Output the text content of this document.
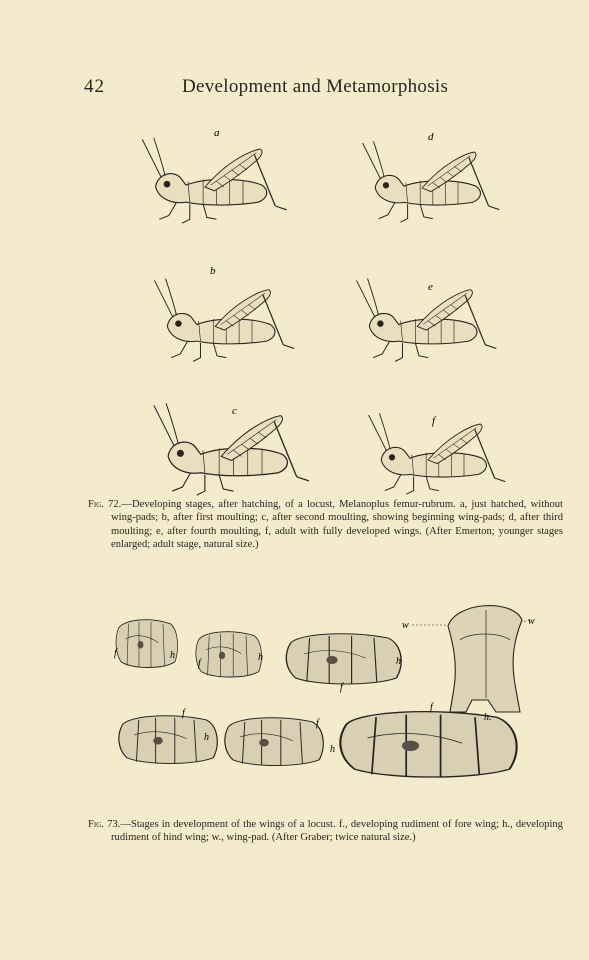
42	Development and Metamorphosis
a	d
b
e
c
f
f	h
f
h	h
f
f
h
f
h
f
h.
w	w
Fig. 72.—Developing stages, after hatching, of a locust, Melanoplus femur-rubrum. a, just hatched, without wing-pads; b, after first moulting; c, after second moulting, showing beginning wing-pads; d, after third moulting; e, after fourth moulting, f, adult with fully developed wings. (After Emerton; younger stages enlarged; adult stage, natural size.)
Fig. 73.—Stages in development of the wings of a locust. f., developing rudiment of fore wing; h., developing rudiment of hind wing; w., wing-pad. (After Graber; twice natural size.)
